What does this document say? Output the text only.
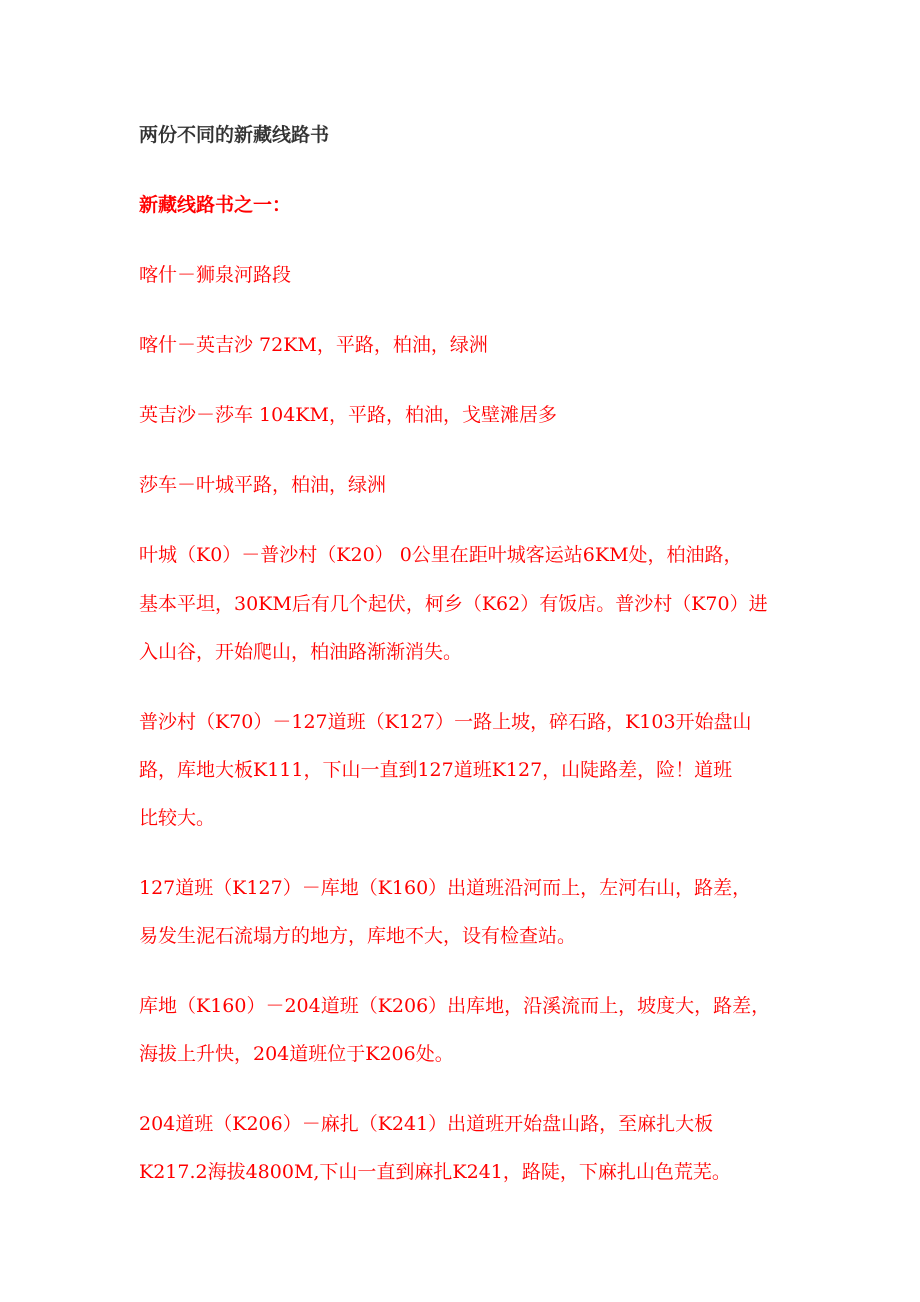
两份不同的新藏线路书
新藏线路书之一：
喀什－狮泉河路段
喀什－英吉沙 72KM，平路，柏油，绿洲
英吉沙－莎车 104KM，平路，柏油，戈壁滩居多
莎车－叶城平路，柏油，绿洲
叶城（K0）－普沙村（K20） 0公里在距叶城客运站6KM处，柏油路，
基本平坦，30KM后有几个起伏，柯乡（K62）有饭店。普沙村（K70）进
入山谷，开始爬山，柏油路渐渐消失。
普沙村（K70）－127道班（K127）一路上坡，碎石路，K103开始盘山
路，库地大板K111，下山一直到127道班K127，山陡路差，险！道班
比较大。
127道班（K127）－库地（K160）出道班沿河而上，左河右山，路差，
易发生泥石流塌方的地方，库地不大，设有检查站。
库地（K160）－204道班（K206）出库地，沿溪流而上，坡度大，路差，
海拔上升快，204道班位于K206处。
204道班（K206）－麻扎（K241）出道班开始盘山路，至麻扎大板
K217.2海拔4800M,下山一直到麻扎K241，路陡，下麻扎山色荒芜。
